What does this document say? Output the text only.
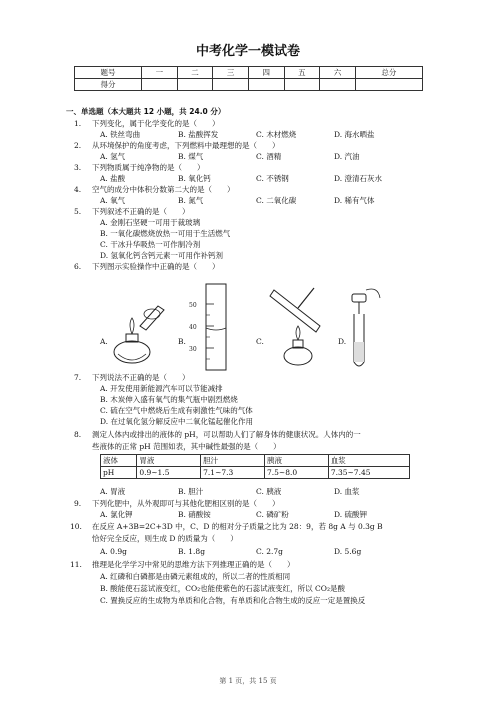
中考化学一模试卷
题号	一	二	三	四	五	六	总分
得分							
一、单选题（本大题共 12 小题，共 24.0 分）
1. 下列变化，属于化学变化的是（　　）
A. 铁丝弯曲	B. 盐酸挥发	C. 木材燃烧	D. 海水晒盐
2. 从环境保护的角度考虑，下列燃料中最理想的是（　　）
A. 氢气	B. 煤气	C. 酒精	D. 汽油
3. 下列物质属于纯净物的是（　　）
A. 盐酸	B. 氧化钙	C. 不锈钢	D. 澄清石灰水
4. 空气的成分中体积分数第二大的是（　　）
A. 氧气	B. 氮气	C. 二氧化碳	D. 稀有气体
5. 下列叙述不正确的是（　　）
A. 金刚石坚硬一可用于裁玻璃
B. 一氧化碳燃烧放热一可用于生活燃气
C. 干冰升华吸热一可作制冷剂
D. 氢氧化钙含钙元素一可用作补钙剂
6. 下列图示实验操作中正确的是（　　）
A.	B.	C.	D.
50
40
30
7. 下列说法不正确的是（　　）
A. 开发使用新能源汽车可以节能减排
B. 木炭伸入盛有氧气的集气瓶中剧烈燃烧
C. 硫在空气中燃烧后生成有刺激性气味的气体
D. 在过氧化氢分解反应中二氧化锰起催化作用
8. 测定人体内或排出的液体的 pH，可以帮助人们了解身体的健康状况。人体内的一
些液体的正常 pH 范围如表，其中碱性最强的是（　　）
液体	胃液	胆汁	胰液	血浆
pH	0.9~1.5	7.1~7.3	7.5~8.0	7.35~7.45
A. 胃液	B. 胆汁	C. 胰液	D. 血浆
9. 下列化肥中，从外观即可与其他化肥相区别的是（　　）
A. 氯化钾	B. 硝酸铵	C. 磷矿粉	D. 硫酸钾
10. 在反应 A+3B=2C+3D 中，C、D 的相对分子质量之比为 28：9，若 8g A 与 0.3g B
恰好完全反应，则生成 D 的质量为（　　）
A. 0.9g	B. 1.8g	C. 2.7g	D. 5.6g
11. 推理是化学学习中常见的思维方法下列推理正确的是（　　）
A. 红磷和白磷都是由磷元素组成的，所以二者的性质相同
B. 酸能使石蕊试液变红，CO₂也能使紫色的石蕊试液变红，所以 CO₂是酸
C. 置换反应的生成物为单质和化合物，有单质和化合物生成的反应一定是置换反
第 1 页，共 15 页
